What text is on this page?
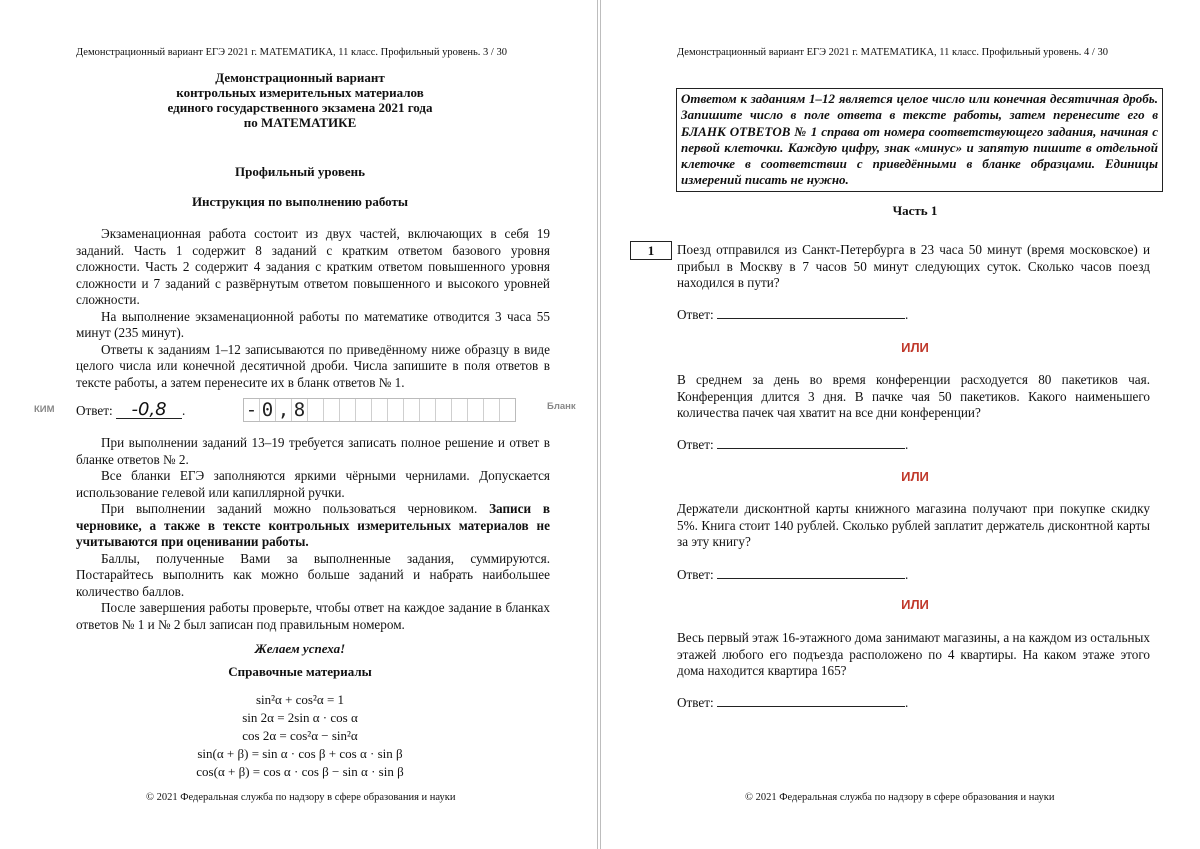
Демонстрационный вариант ЕГЭ 2021 г. МАТЕМАТИКА, 11 класс. Профильный уровень. 3 / 30
Демонстрационный вариант
контрольных измерительных материалов
единого государственного экзамена 2021 года
по МАТЕМАТИКЕ
Профильный уровень
Инструкция по выполнению работы

Экзаменационная работа состоит из двух частей, включающих в себя 19 заданий. Часть 1 содержит 8 заданий с кратким ответом базового уровня сложности. Часть 2 содержит 4 задания с кратким ответом повышенного уровня сложности и 7 заданий с развёрнутым ответом повышенного и высокого уровней сложности.

На выполнение экзаменационной работы по математике отводится 3 часа 55 минут (235 минут).

Ответы к заданиям 1–12 записываются по приведённому ниже образцу в виде целого числа или конечной десятичной дроби. Числа запишите в поля ответов в тексте работы, а затем перенесите их в бланк ответов № 1.

КИМ Ответ: -0,8 .	- 0 , 8	Бланк

При выполнении заданий 13–19 требуется записать полное решение и ответ в бланке ответов № 2.

Все бланки ЕГЭ заполняются яркими чёрными чернилами. Допускается использование гелевой или капиллярной ручки.

При выполнении заданий можно пользоваться черновиком. Записи в черновике, а также в тексте контрольных измерительных материалов не учитываются при оценивании работы.

Баллы, полученные Вами за выполненные задания, суммируются. Постарайтесь выполнить как можно больше заданий и набрать наибольшее количество баллов.

После завершения работы проверьте, чтобы ответ на каждое задание в бланках ответов № 1 и № 2 был записан под правильным номером.

Желаем успеха!
Справочные материалы
sin²α + cos²α = 1
sin 2α = 2sin α · cos α
cos 2α = cos²α − sin²α
sin(α + β) = sin α · cos β + cos α · sin β
cos(α + β) = cos α · cos β − sin α · sin β
© 2021 Федеральная служба по надзору в сфере образования и науки
Демонстрационный вариант ЕГЭ 2021 г. МАТЕМАТИКА, 11 класс. Профильный уровень. 4 / 30
Ответом к заданиям 1–12 является целое число или конечная десятичная дробь. Запишите число в поле ответа в тексте работы, затем перенесите его в БЛАНК ОТВЕТОВ № 1 справа от номера соответствующего задания, начиная с первой клеточки. Каждую цифру, знак «минус» и запятую пишите в отдельной клеточке в соответствии с приведёнными в бланке образцами. Единицы измерений писать не нужно.
Часть 1
1	Поезд отправился из Санкт-Петербурга в 23 часа 50 минут (время московское) и прибыл в Москву в 7 часов 50 минут следующих суток. Сколько часов поезд находился в пути?
Ответ:	.
ИЛИ
В среднем за день во время конференции расходуется 80 пакетиков чая. Конференция длится 3 дня. В пачке чая 50 пакетиков. Какого наименьшего количества пачек чая хватит на все дни конференции?
Ответ:	.
ИЛИ
Держатели дисконтной карты книжного магазина получают при покупке скидку 5%. Книга стоит 140 рублей. Сколько рублей заплатит держатель дисконтной карты за эту книгу?
Ответ:	.
ИЛИ
Весь первый этаж 16-этажного дома занимают магазины, а на каждом из остальных этажей любого его подъезда расположено по 4 квартиры. На каком этаже этого дома находится квартира 165?
Ответ:	.
© 2021 Федеральная служба по надзору в сфере образования и науки
